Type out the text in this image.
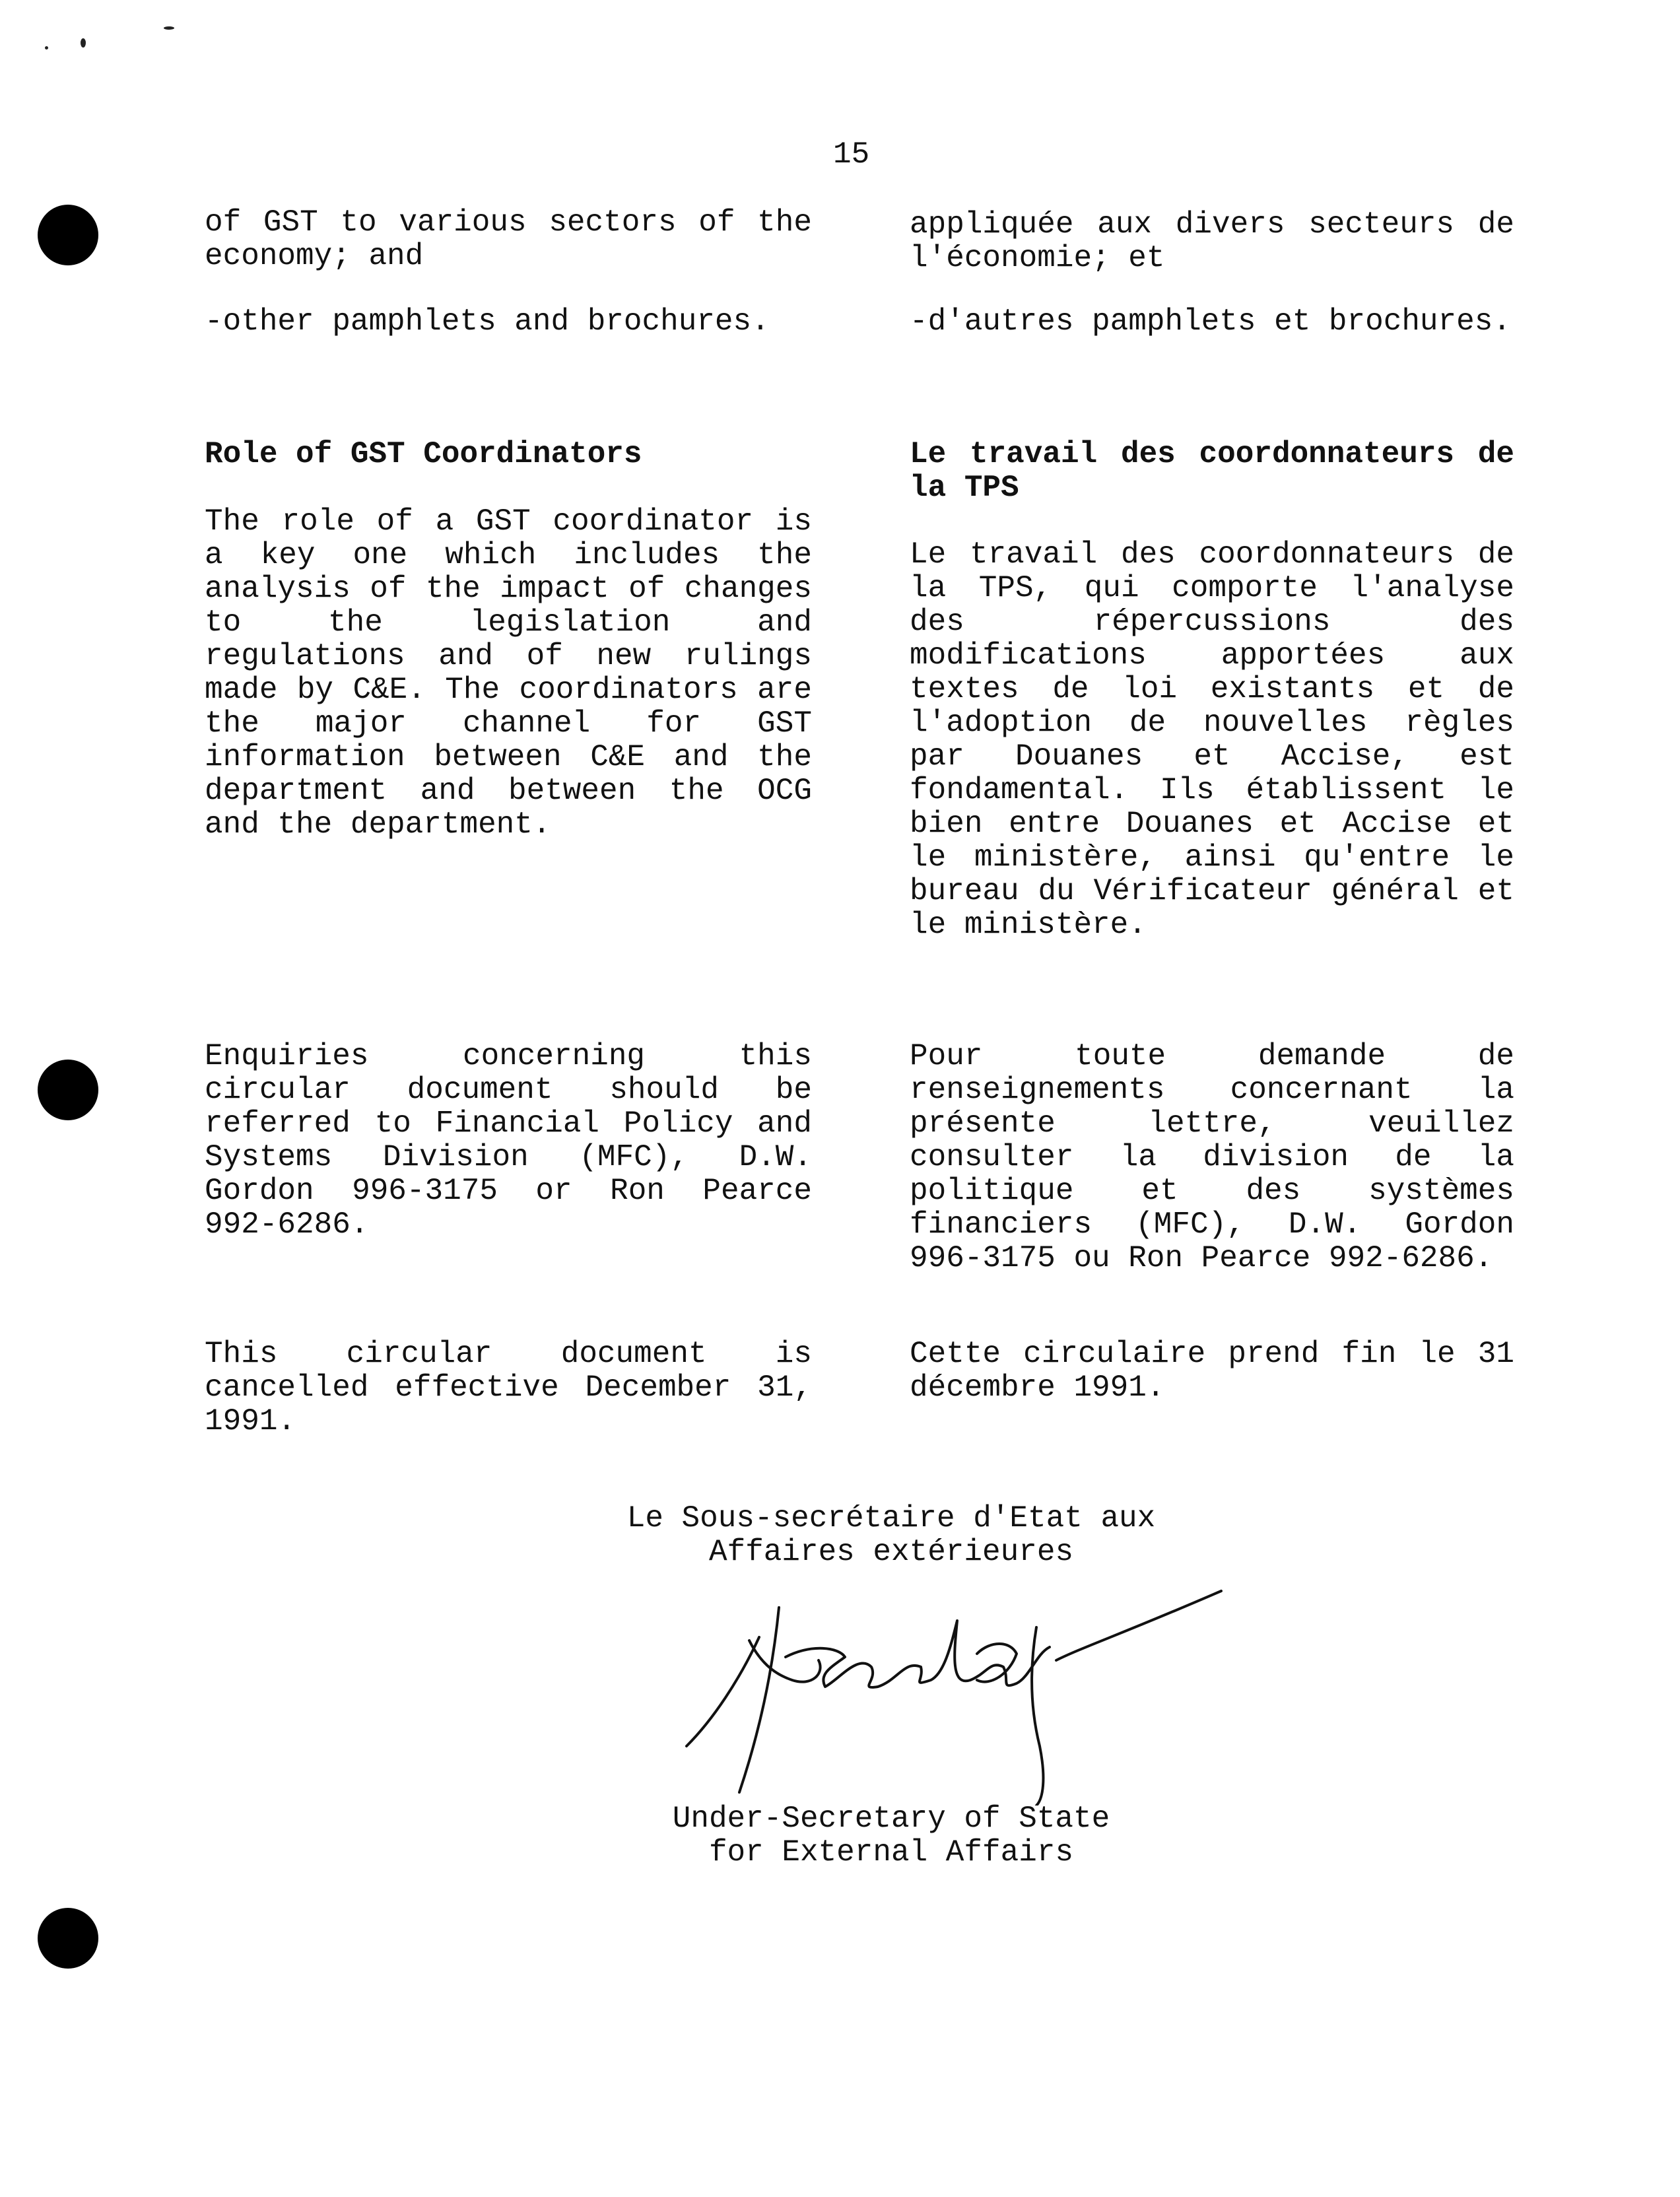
15

of GST to various sectors of the economy; and

-other pamphlets and brochures.

Role of GST Coordinators

The role of a GST coordinator is a key one which includes the analysis of the impact of changes to the legislation and regulations and of new rulings made by C&E. The coordinators are the major channel for GST information between C&E and the department and between the OCG and the department.

Enquiries concerning this circular document should be referred to Financial Policy and Systems Division (MFC), D.W. Gordon 996-3175 or Ron Pearce 992-6286.

This circular document is cancelled effective December 31, 1991.

appliquée aux divers secteurs de l'économie; et

-d'autres pamphlets et brochures.

Le travail des coordonnateurs de la TPS

Le travail des coordonnateurs de la TPS, qui comporte l'analyse des répercussions des modifications apportées aux textes de loi existants et de l'adoption de nouvelles règles par Douanes et Accise, est fondamental. Ils établissent le bien entre Douanes et Accise et le ministère, ainsi qu'entre le bureau du Vérificateur général et le ministère.

Pour toute demande de renseignements concernant la présente lettre, veuillez consulter la division de la politique et des systèmes financiers (MFC), D.W. Gordon 996-3175 ou Ron Pearce 992-6286.

Cette circulaire prend fin le 31 décembre 1991.

Le Sous-secrétaire d'Etat aux
Affaires extérieures
Under-Secretary of State
for External Affairs
